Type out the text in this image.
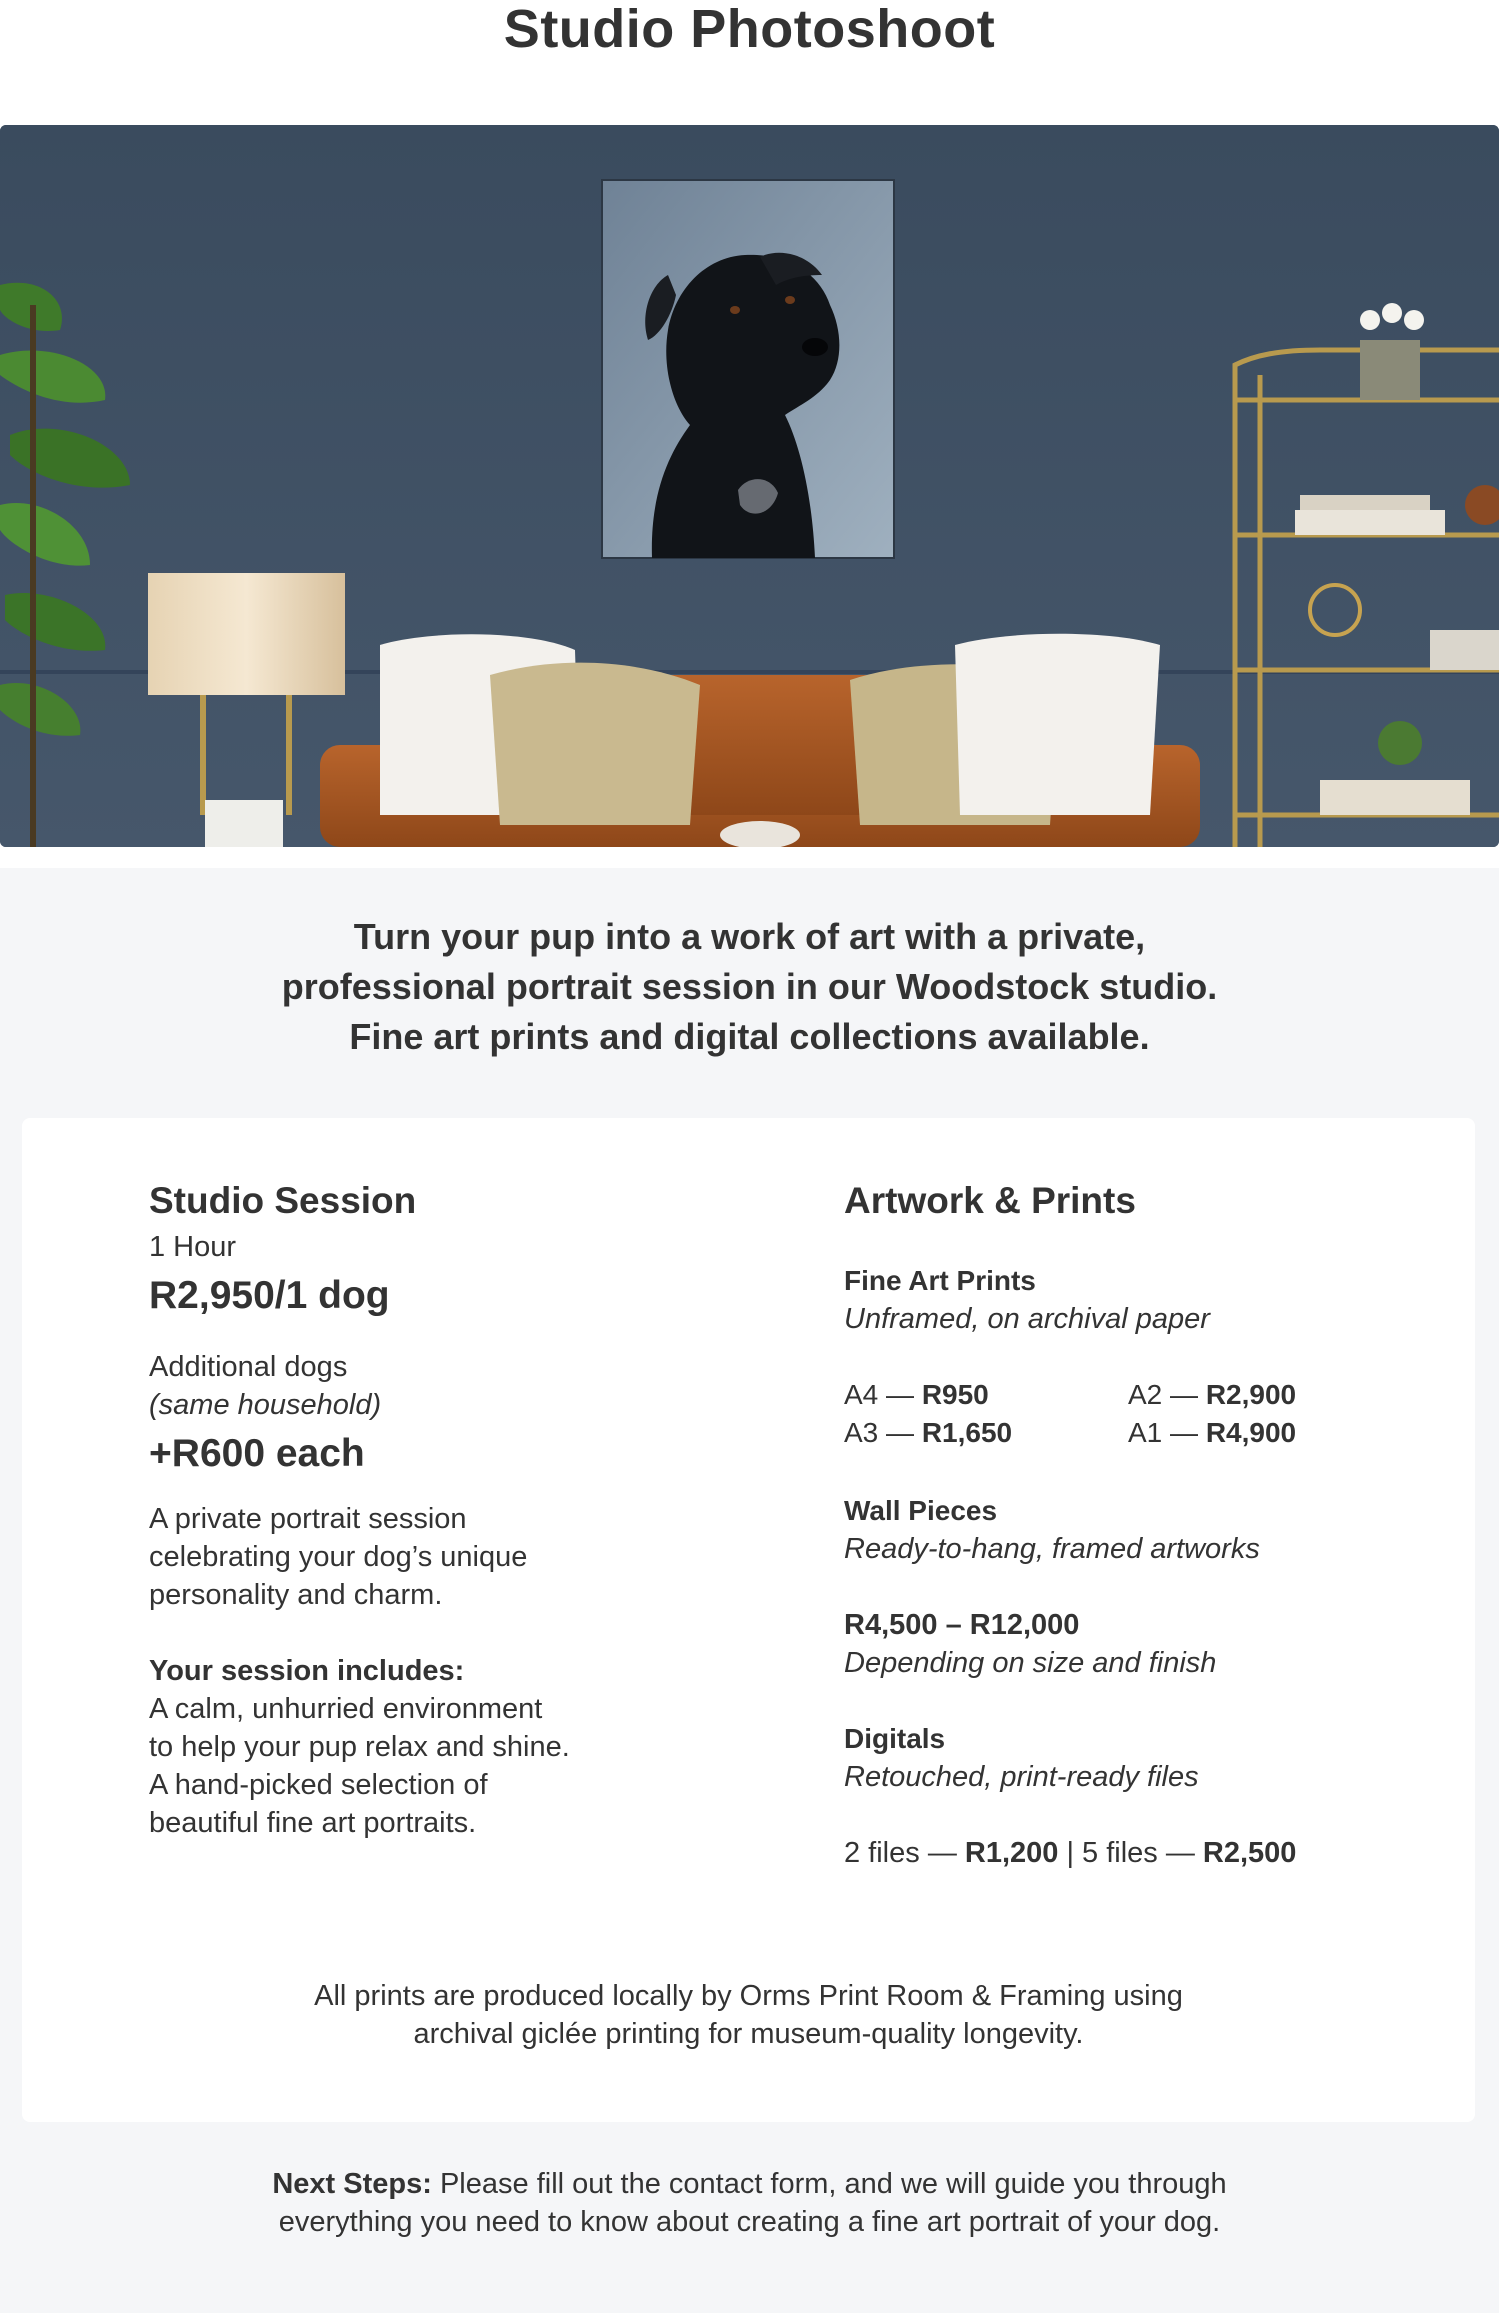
Studio Photoshoot
Turn your pup into a work of art with a private,
professional portrait session in our Woodstock studio.
Fine art prints and digital collections available.
Studio Session
1 Hour
R2,950/1 dog
Additional dogs
(same household)
+R600 each
A private portrait session
celebrating your dog’s unique
personality and charm.
Your session includes:
A calm, unhurried environment
to help your pup relax and shine.
A hand-picked selection of
beautiful fine art portraits.
Artwork & Prints
Fine Art Prints
Unframed, on archival paper
A4 — R950	A2 — R2,900
A3 — R1,650	A1 — R4,900
Wall Pieces
Ready-to-hang, framed artworks
R4,500 – R12,000
Depending on size and finish
Digitals
Retouched, print-ready files
2 files — R1,200 | 5 files — R2,500
All prints are produced locally by Orms Print Room & Framing using
archival giclée printing for museum-quality longevity.
Next Steps: Please fill out the contact form, and we will guide you through
everything you need to know about creating a fine art portrait of your dog.
